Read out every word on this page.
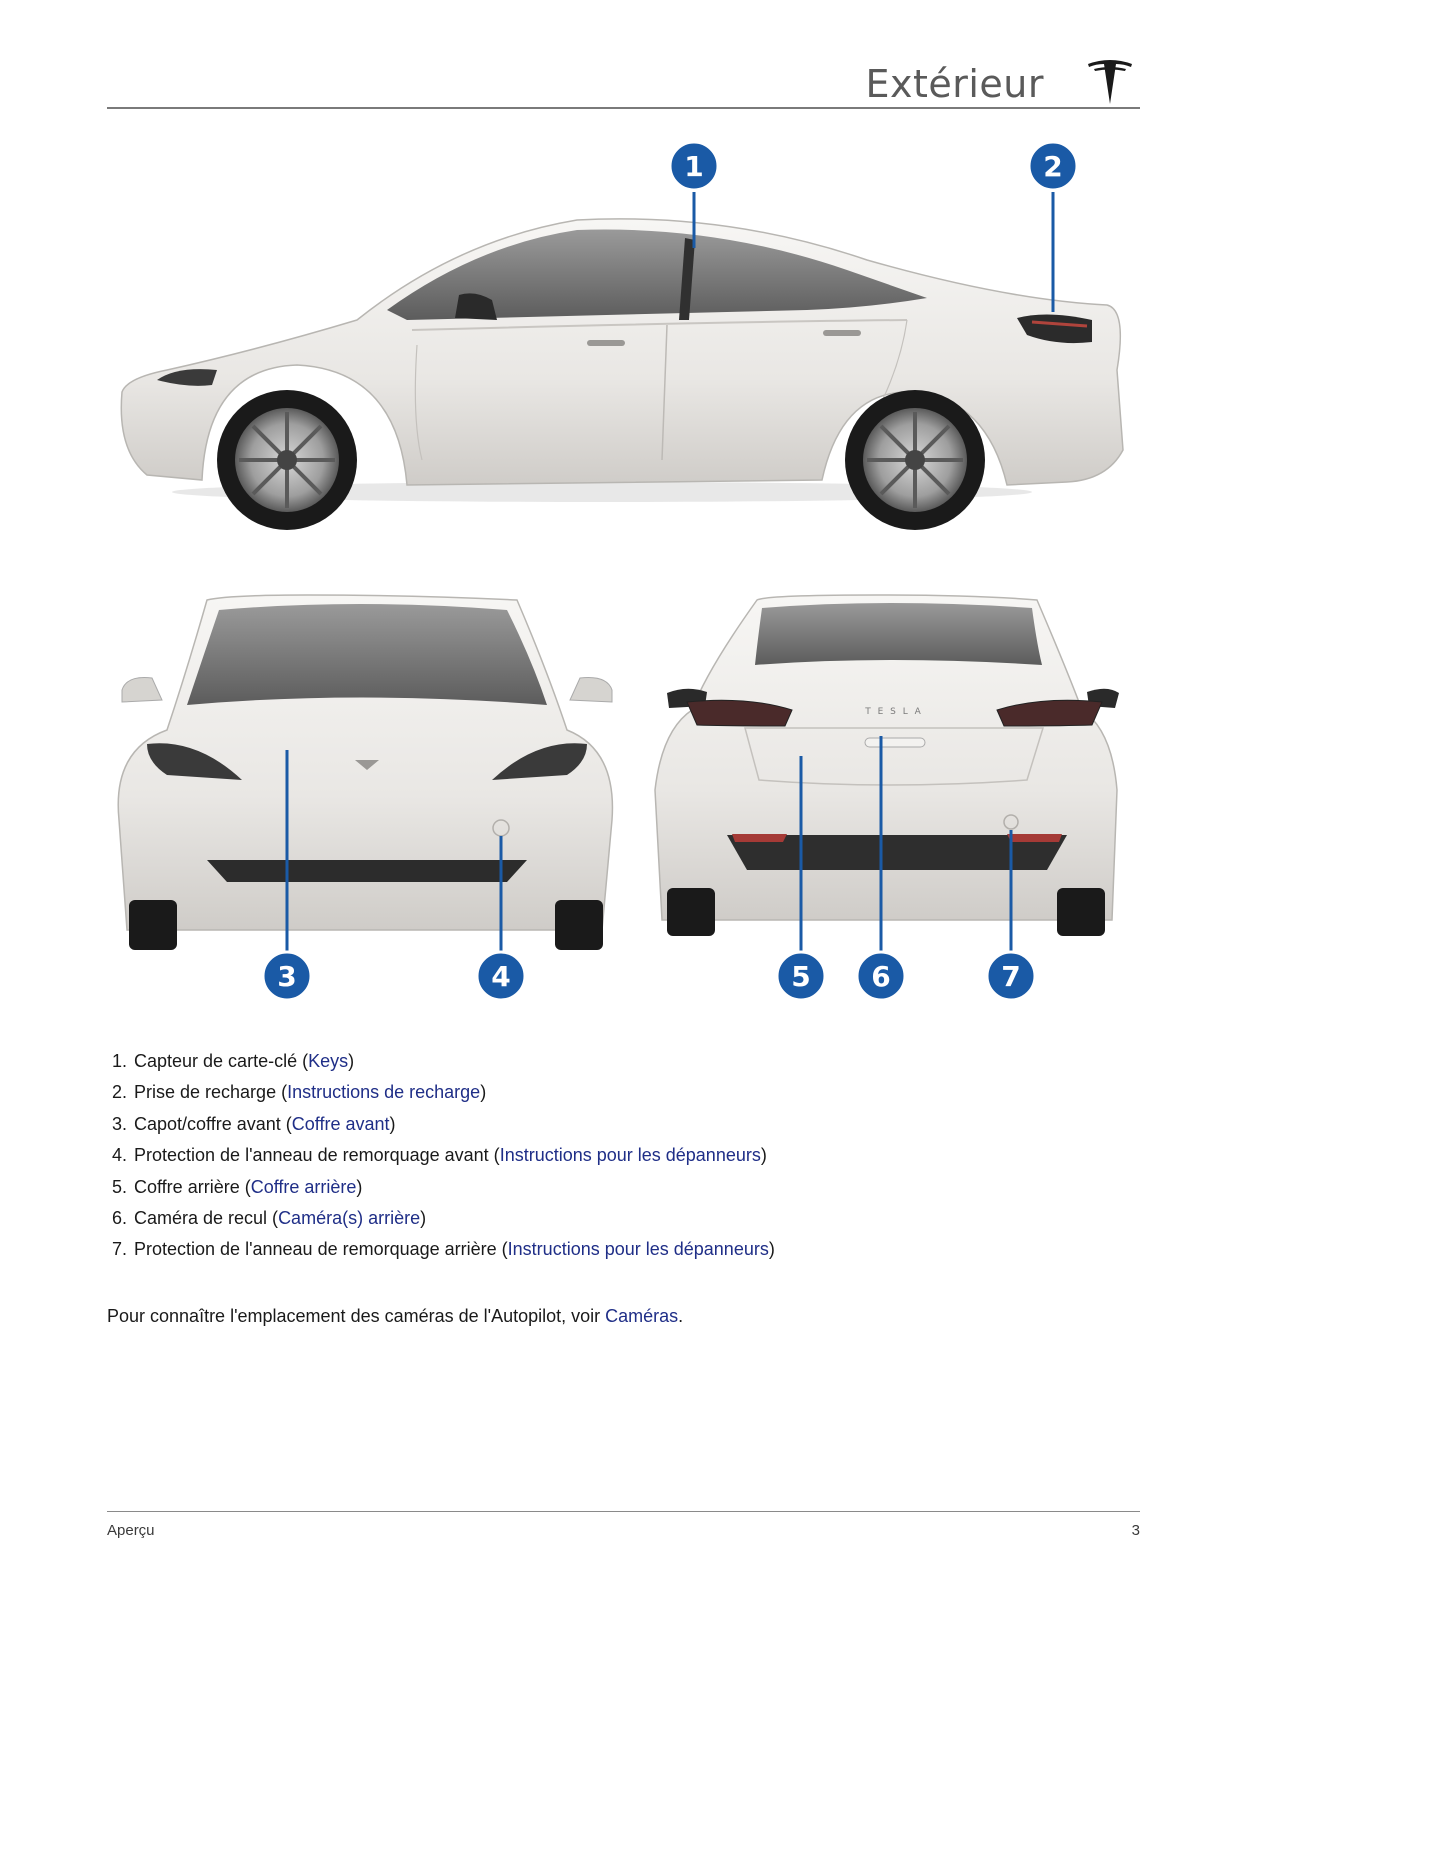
Extérieur
T E S L A
1	2
3	4	5 6	7
1. Capteur de carte-clé (Keys)
2. Prise de recharge (Instructions de recharge)
3. Capot/coffre avant (Coffre avant)
4. Protection de l'anneau de remorquage avant (Instructions pour les dépanneurs)
5. Coffre arrière (Coffre arrière)
6. Caméra de recul (Caméra(s) arrière)
7. Protection de l'anneau de remorquage arrière (Instructions pour les dépanneurs)

Pour connaître l'emplacement des caméras de l'Autopilot, voir Caméras.

Aperçu	3
